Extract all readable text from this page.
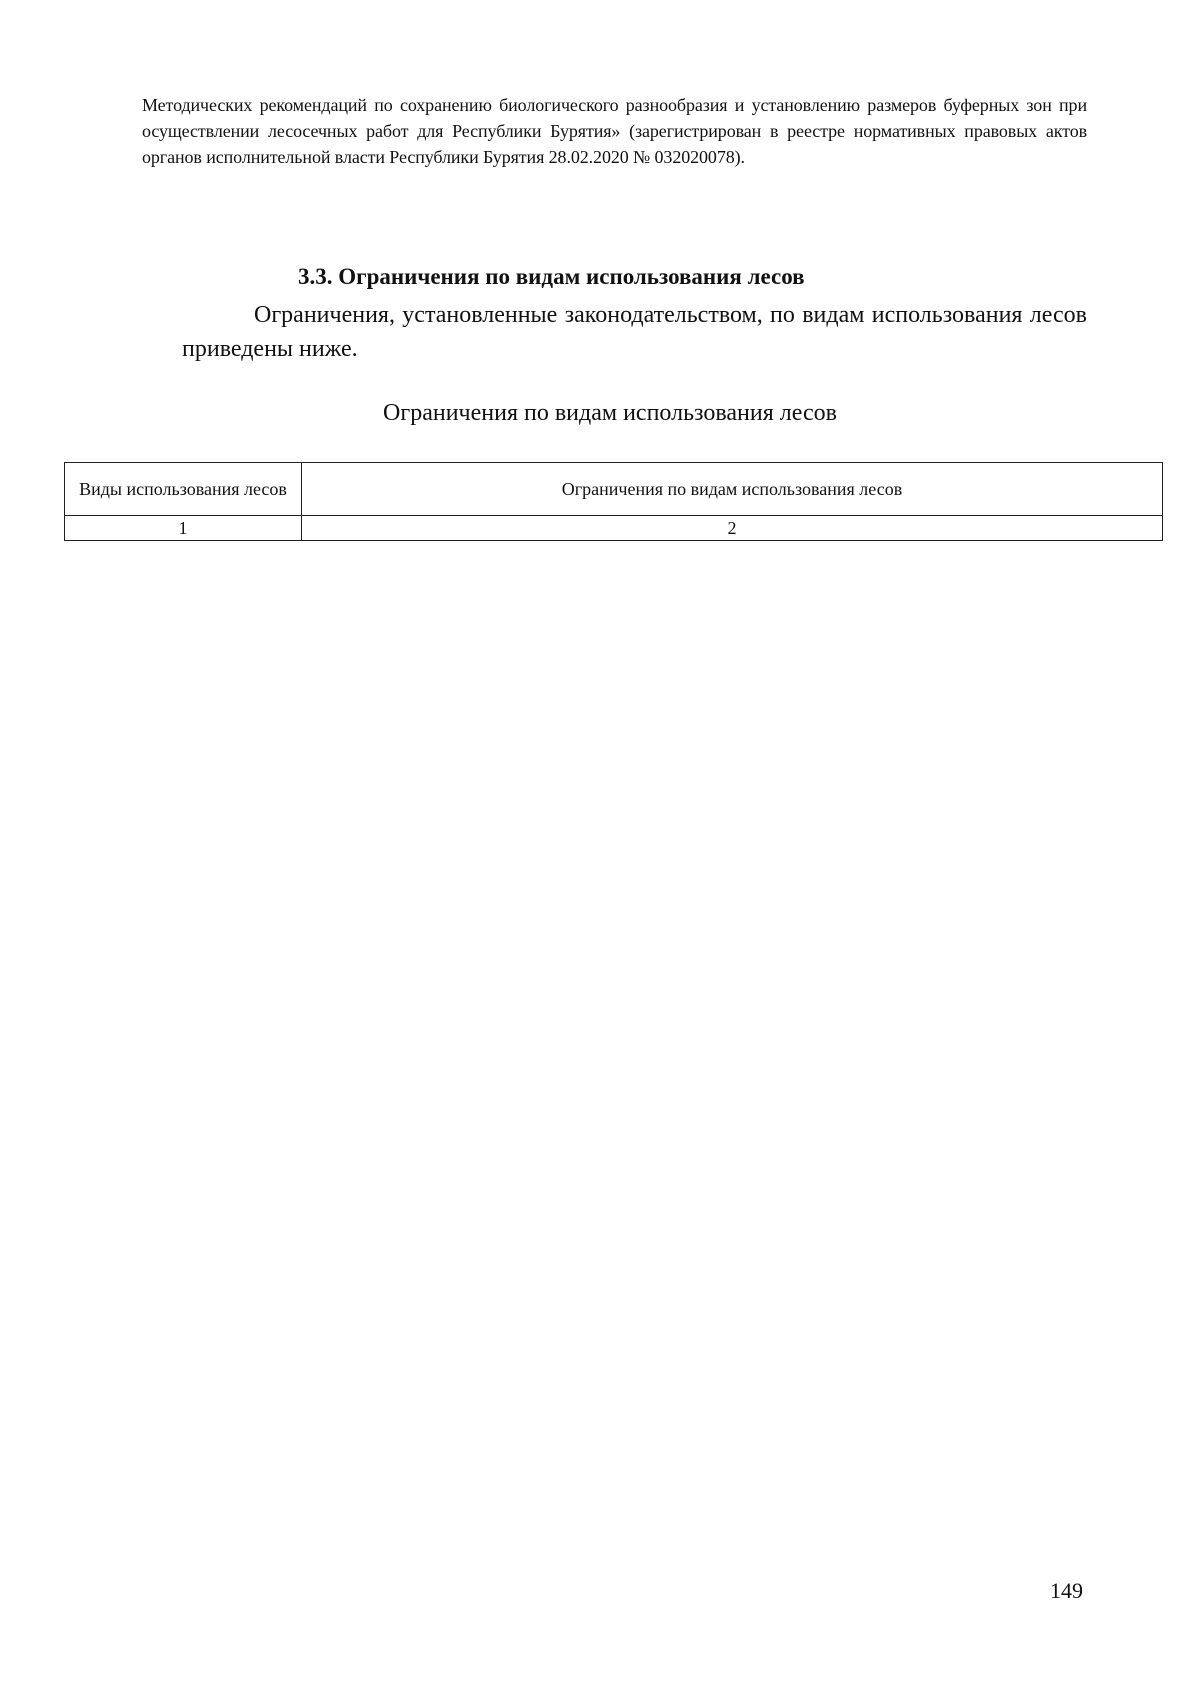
Методических рекомендаций по сохранению биологического разнообразия и установлению размеров буферных зон при осуществлении лесосечных работ для Республики Бурятия» (зарегистрирован в реестре нормативных правовых актов органов исполнительной власти Республики Бурятия 28.02.2020 № 032020078).

3.3. Ограничения по видам использования лесов

Ограничения, установленные законодательством, по видам использования лесов приведены ниже.

Ограничения по видам использования лесов
Виды использования лесов	Ограничения по видам использования лесов
1	2
149
